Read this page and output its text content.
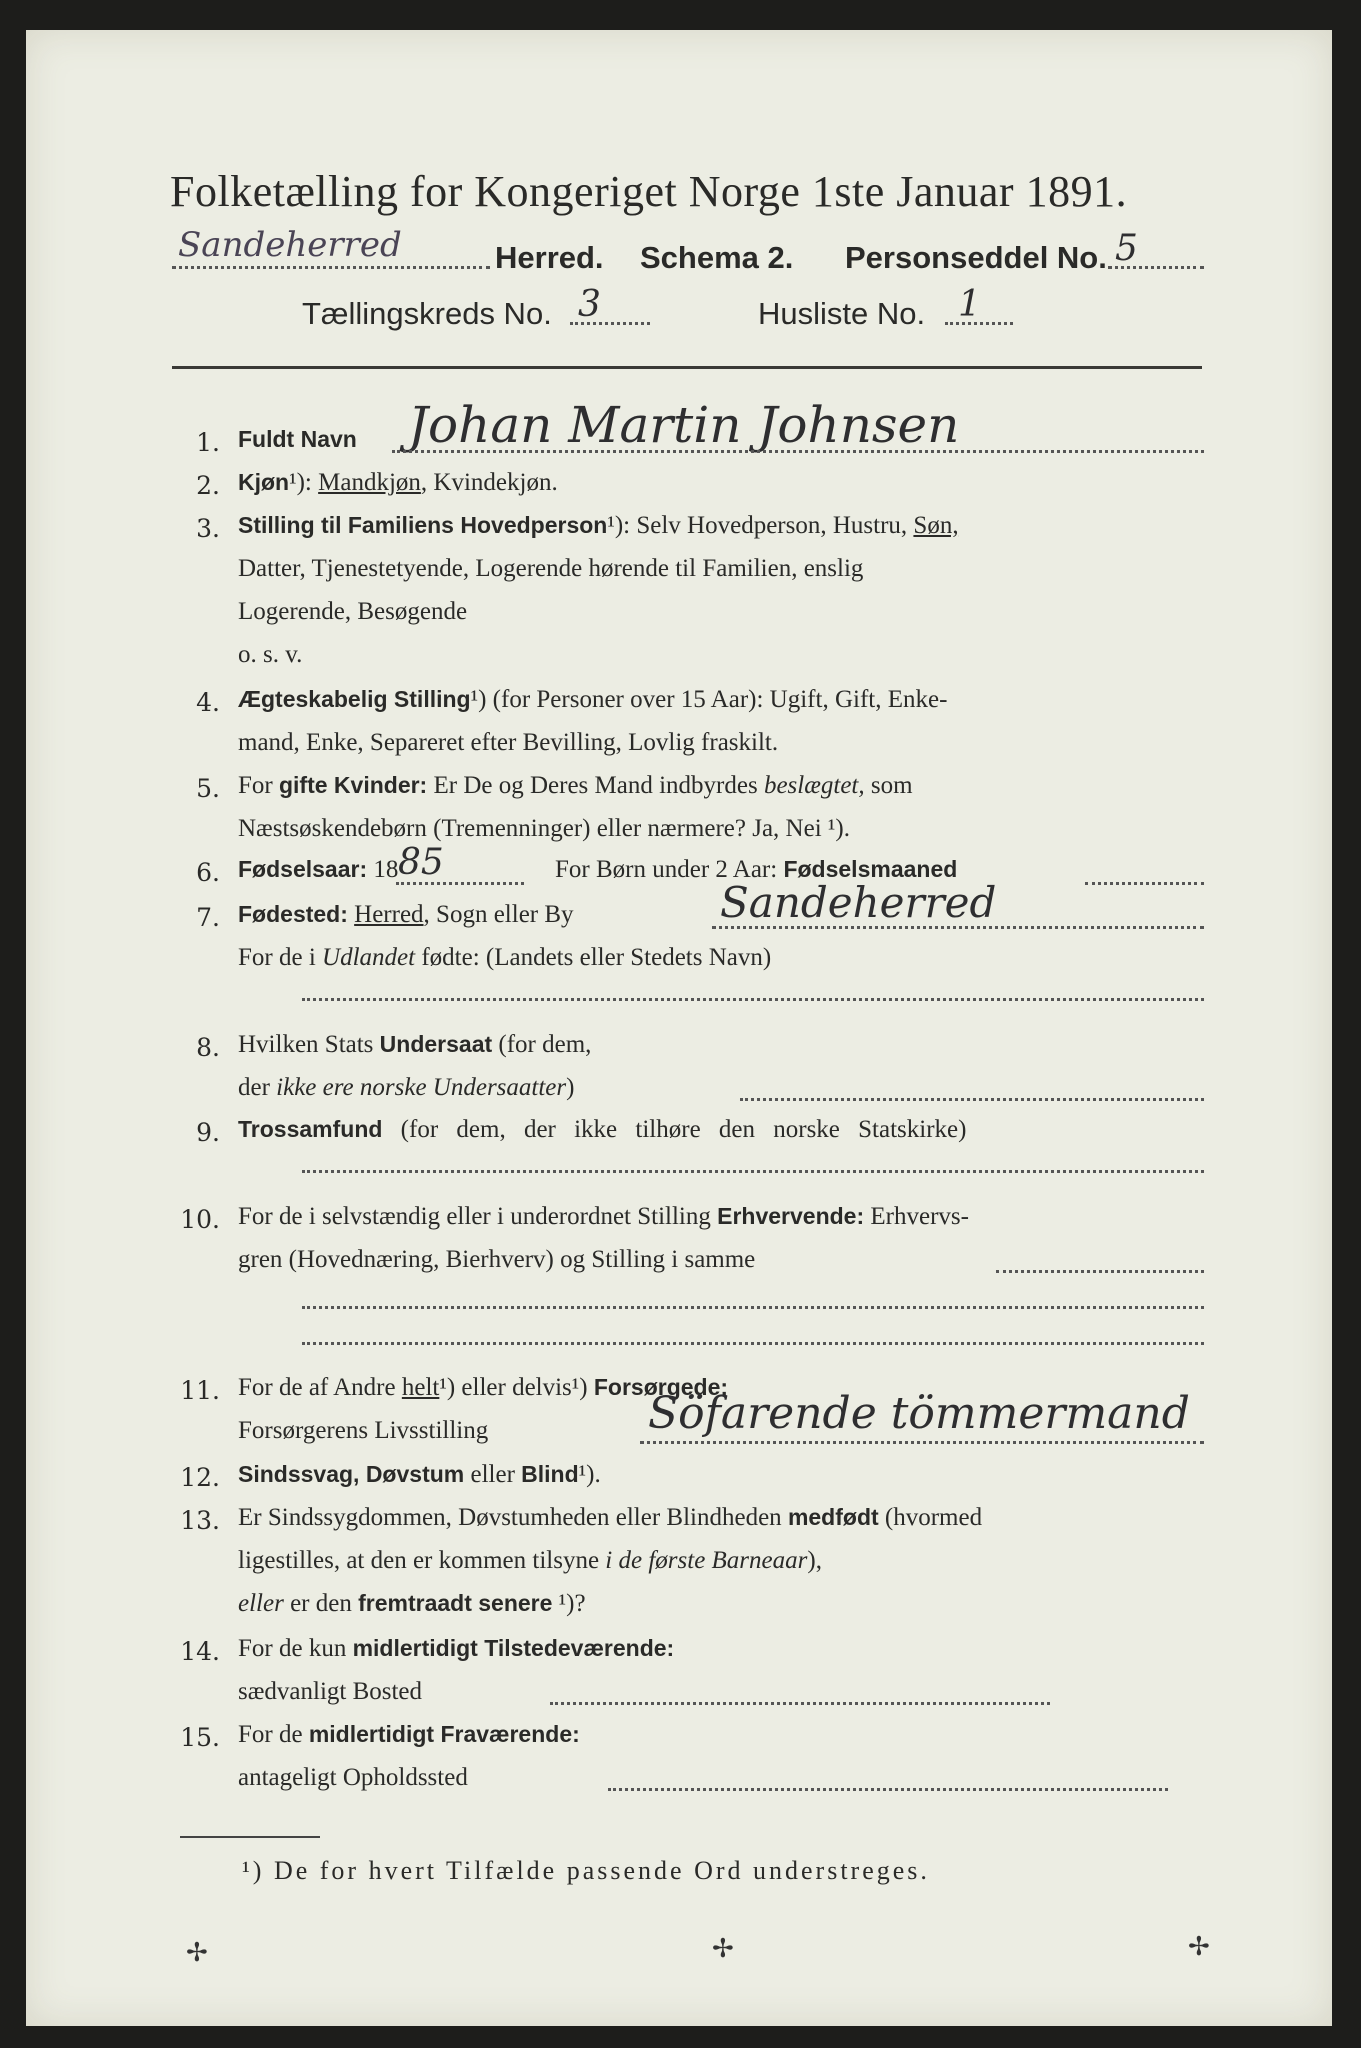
Folketælling for Kongeriget Norge 1ste Januar 1891.
Sandeherred	Herred. Schema 2. Personseddel No. 5
Tællingskreds No. 3	Husliste No. 1
1. Fuldt Navn Johan Martin Johnsen
2. Kjøn¹): Mandkjøn, Kvindekjøn.
3. Stilling til Familiens Hovedperson¹): Selv Hovedperson, Hustru, Søn,
Datter, Tjenestetyende, Logerende hørende til Familien, enslig
Logerende, Besøgende
o. s. v.
4. Ægteskabelig Stilling¹) (for Personer over 15 Aar): Ugift, Gift, Enke-
mand, Enke, Separeret efter Bevilling, Lovlig fraskilt.
5. For gifte Kvinder: Er De og Deres Mand indbyrdes beslægtet, som
Næstsøskendebørn (Tremenninger) eller nærmere? Ja, Nei ¹).
6. Fødselsaar: 18 85	For Børn under 2 Aar: Fødselsmaaned
7. Fødested: Herred, Sogn eller By	Sandeherred
For de i Udlandet fødte: (Landets eller Stedets Navn)
8. Hvilken Stats Undersaat (for dem,
der ikke ere norske Undersaatter)
9. Trossamfund (for dem, der ikke tilhøre den norske Statskirke)
10. For de i selvstændig eller i underordnet Stilling Erhvervende: Erhvervs-
gren (Hovednæring, Bierhverv) og Stilling i samme
11. For de af Andre helt¹) eller delvis¹) Forsørgede:
Forsørgerens Livsstilling	Söfarende tömmermand
12. Sindssvag, Døvstum eller Blind¹).
13. Er Sindssygdommen, Døvstumheden eller Blindheden medfødt (hvormed
ligestilles, at den er kommen tilsyne i de første Barneaar),
eller er den fremtraadt senere ¹)?
14. For de kun midlertidigt Tilstedeværende:
sædvanligt Bosted
15. For de midlertidigt Fraværende:
antageligt Opholdssted
¹) De for hvert Tilfælde passende Ord understreges.
✢	✢	✢
